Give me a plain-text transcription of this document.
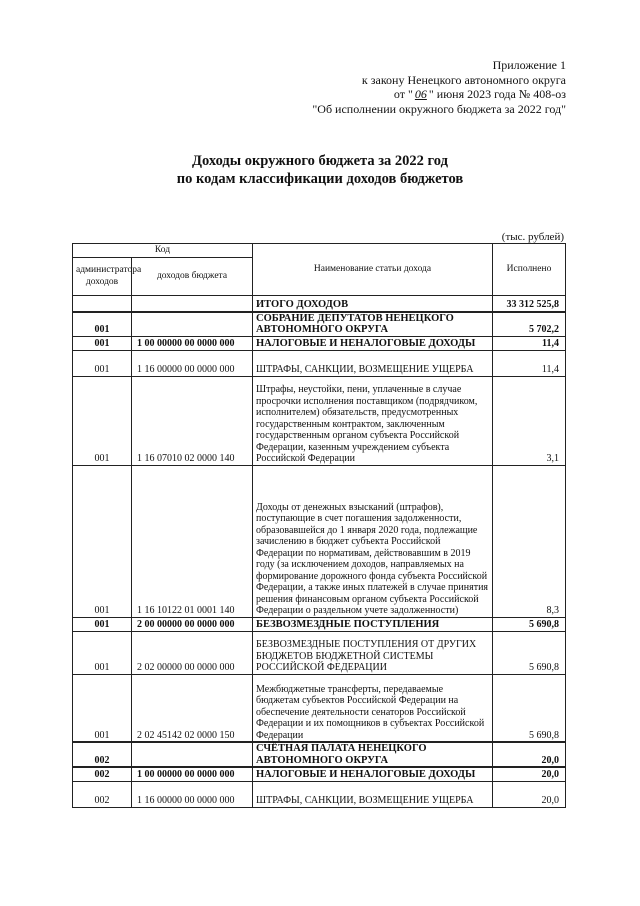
Приложение 1
к закону Ненецкого автономного округа
от " 06 " июня 2023 года № 408-оз
"Об исполнении окружного бюджета за 2022 год"
Доходы окружного бюджета за 2022 год
по кодам классификации доходов бюджетов
(тыс. рублей)
Код		Наименование статьи дохода	Исполнено
администратора доходов	доходов бюджета		
		ИТОГО ДОХОДОВ	33 312 525,8
001		СОБРАНИЕ ДЕПУТАТОВ НЕНЕЦКОГО АВТОНОМНОГО ОКРУГА	5 702,2
001	1 00 00000 00 0000 000	НАЛОГОВЫЕ И НЕНАЛОГОВЫЕ ДОХОДЫ	11,4
001	1 16 00000 00 0000 000	ШТРАФЫ, САНКЦИИ, ВОЗМЕЩЕНИЕ УЩЕРБА	11,4
001	1 16 07010 02 0000 140	Штрафы, неустойки, пени, уплаченные в случае просрочки исполнения поставщиком (подрядчиком, исполнителем) обязательств, предусмотренных государственным контрактом, заключенным государственным органом субъекта Российской Федерации, казенным учреждением субъекта Российской Федерации	3,1
001	1 16 10122 01 0001 140	Доходы от денежных взысканий (штрафов), поступающие в счет погашения задолженности, образовавшейся до 1 января 2020 года, подлежащие зачислению в бюджет субъекта Российской Федерации по нормативам, действовавшим в 2019 году (за исключением доходов, направляемых на формирование дорожного фонда субъекта Российской Федерации, а также иных платежей в случае принятия решения финансовым органом субъекта Российской Федерации о раздельном учете задолженности)	8,3
001	2 00 00000 00 0000 000	БЕЗВОЗМЕЗДНЫЕ ПОСТУПЛЕНИЯ	5 690,8
001	2 02 00000 00 0000 000	БЕЗВОЗМЕЗДНЫЕ ПОСТУПЛЕНИЯ ОТ ДРУГИХ БЮДЖЕТОВ БЮДЖЕТНОЙ СИСТЕМЫ РОССИЙСКОЙ ФЕДЕРАЦИИ	5 690,8
001	2 02 45142 02 0000 150	Межбюджетные трансферты, передаваемые бюджетам субъектов Российской Федерации на обеспечение деятельности сенаторов Российской Федерации и их помощников в субъектах Российской Федерации	5 690,8
002		СЧЁТНАЯ ПАЛАТА НЕНЕЦКОГО АВТОНОМНОГО ОКРУГА	20,0
002	1 00 00000 00 0000 000	НАЛОГОВЫЕ И НЕНАЛОГОВЫЕ ДОХОДЫ	20,0
002	1 16 00000 00 0000 000	ШТРАФЫ, САНКЦИИ, ВОЗМЕЩЕНИЕ УЩЕРБА	20,0
